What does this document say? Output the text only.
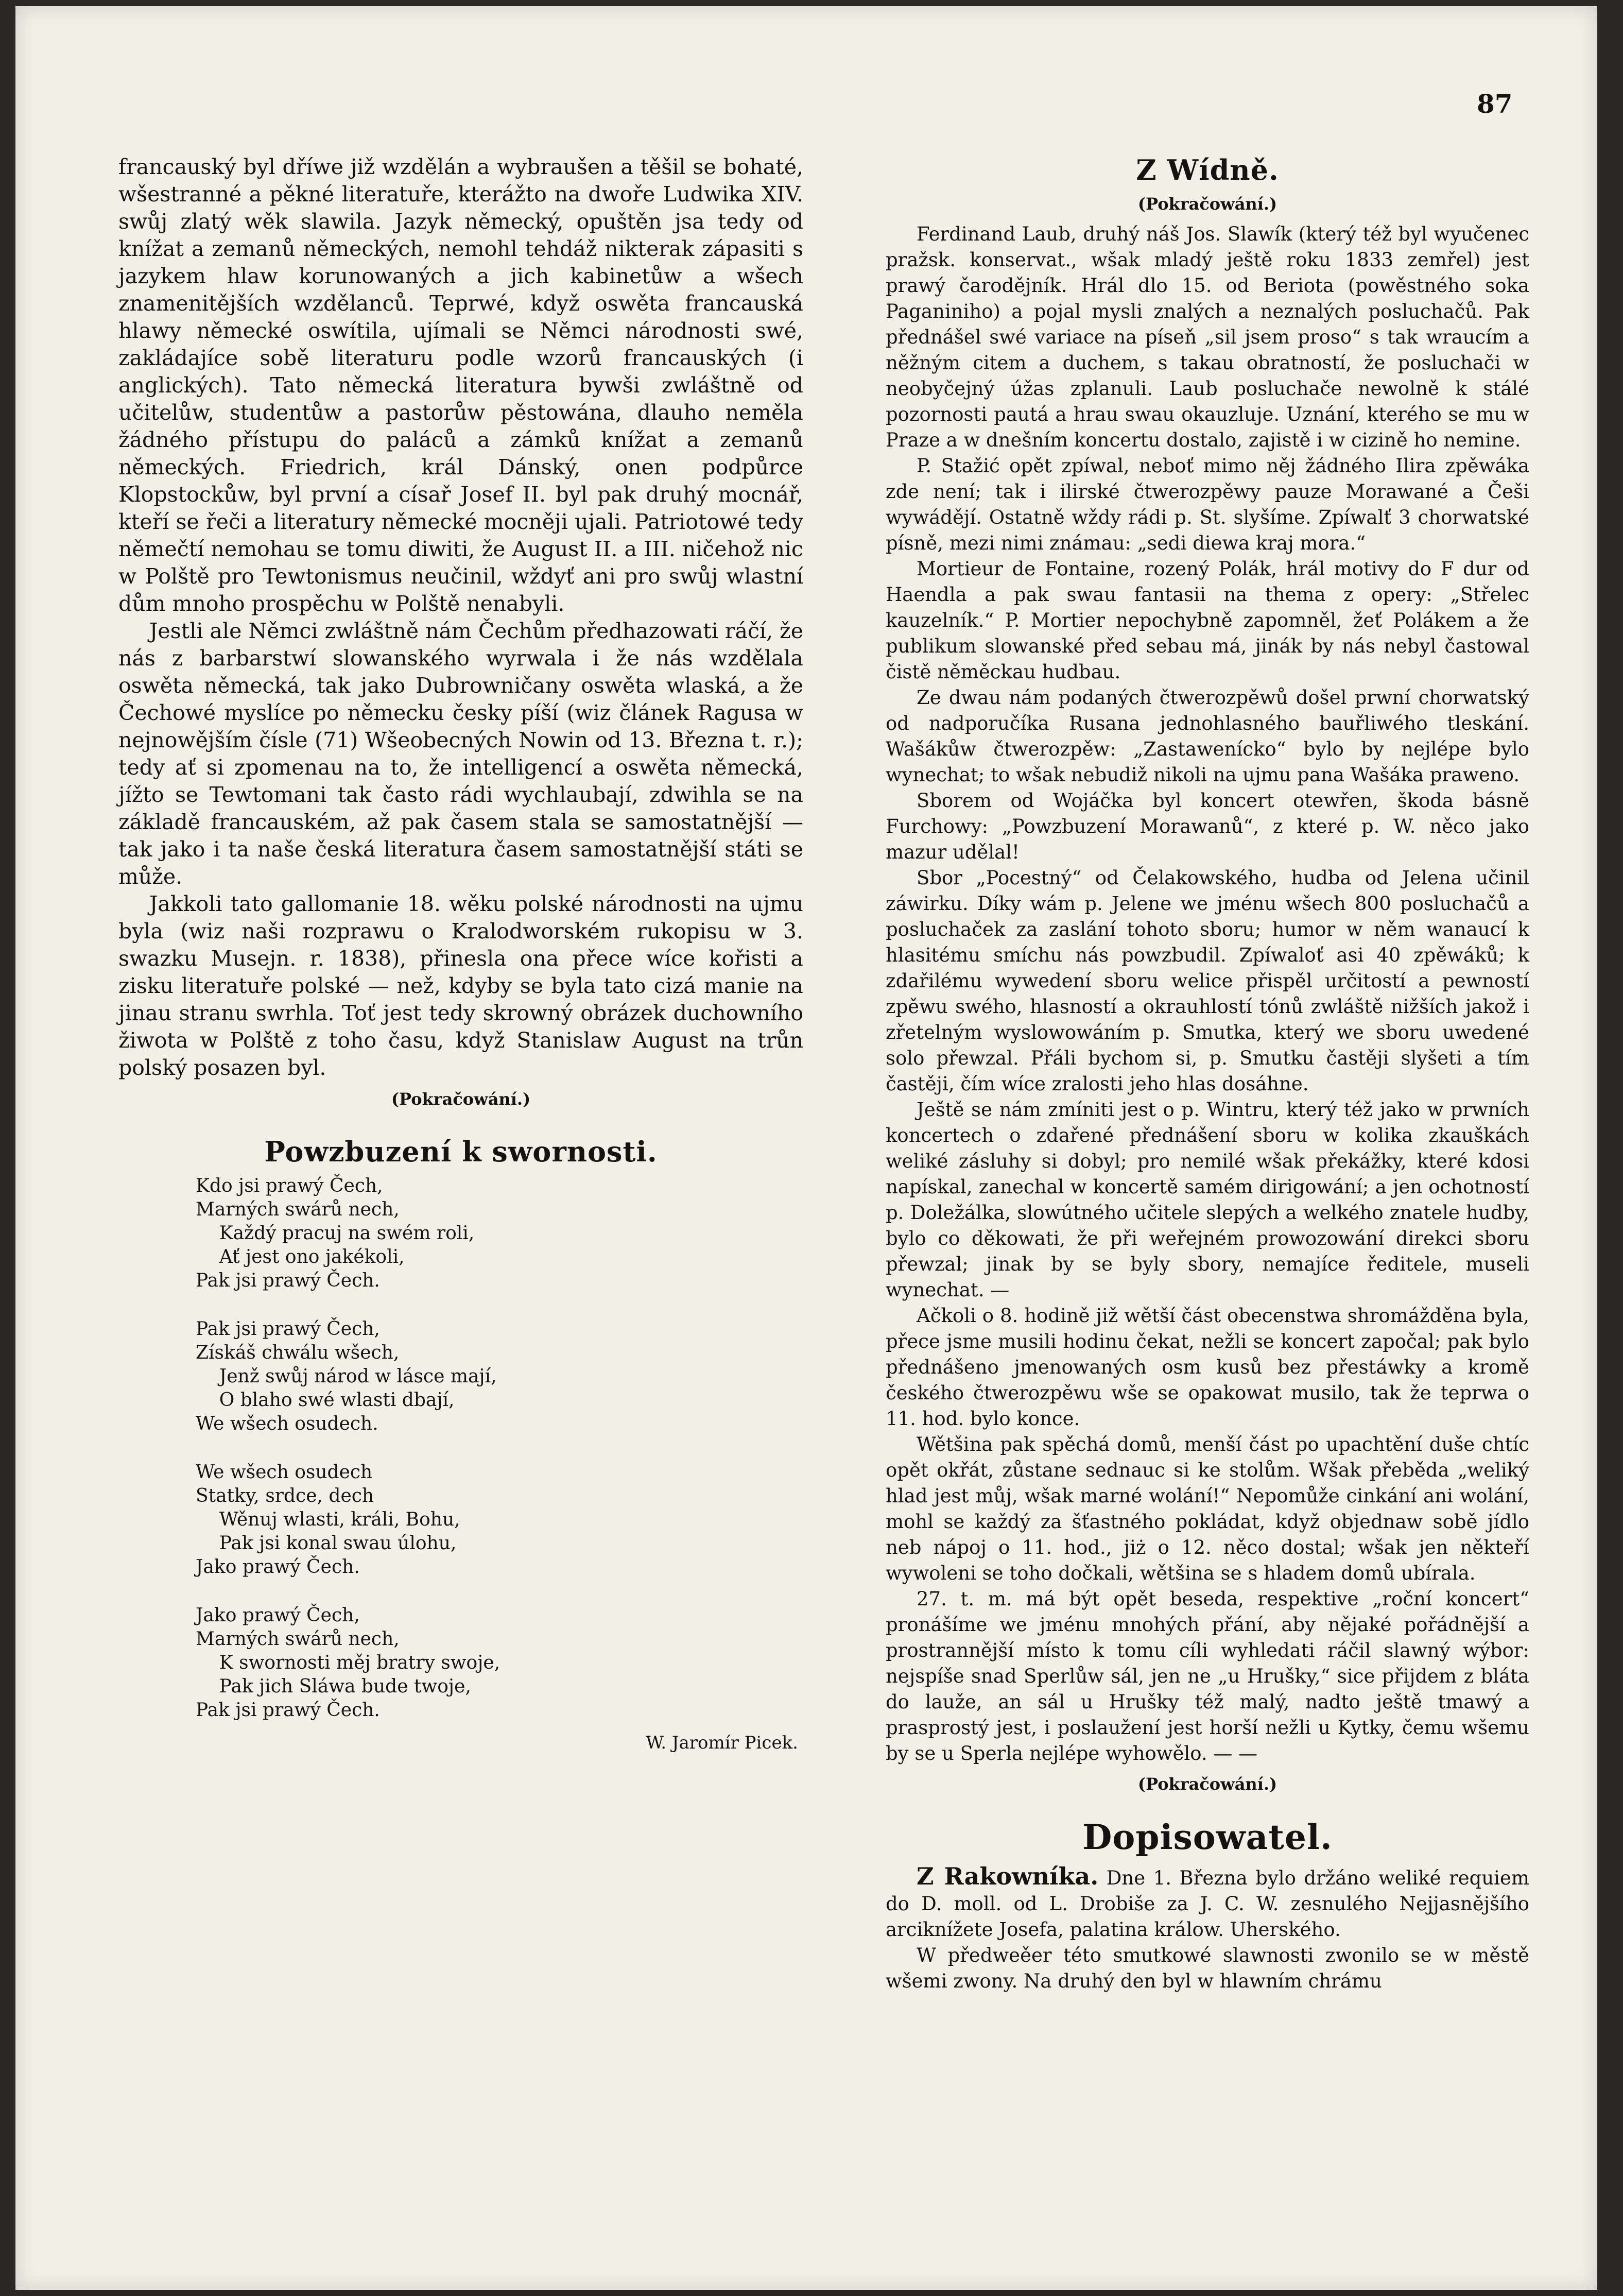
87

francauský byl dříwe již wzdělán a wybraušen a těšil se bohaté, wšestranné a pěkné literatuře, kterážto na dwoře Ludwika XIV. swůj zlatý wěk slawila. Jazyk německý, opuštěn jsa tedy od knížat a zemanů německých, nemohl tehdáž nikterak zápasiti s jazykem hlaw korunowaných a jich kabinetůw a wšech znamenitějších wzdělanců. Teprwé, když oswěta francauská hlawy německé oswítila, ujímali se Němci národnosti swé, zakládajíce sobě literaturu podle wzorů francauských (i anglických). Tato německá literatura bywši zwláštně od učitelůw, studentůw a pastorůw pěstowána, dlauho neměla žádného přístupu do paláců a zámků knížat a zemanů německých. Friedrich, král Dánský, onen podpůrce Klopstockůw, byl první a císař Josef II. byl pak druhý mocnář, kteří se řeči a literatury německé mocněji ujali. Patriotowé tedy němečtí nemohau se tomu diwiti, že August II. a III. ničehož nic w Polště pro Tewtonismus neučinil, wždyť ani pro swůj wlastní dům mnoho prospěchu w Polště nenabyli.

Jestli ale Němci zwláštně nám Čechům předhazowati ráčí, že nás z barbarstwí slowanského wyrwala i že nás wzdělala oswěta německá, tak jako Dubrowničany oswěta wlaská, a že Čechowé myslíce po německu česky píší (wiz článek Ragusa w nejnowějším čísle (71) Wšeobecných Nowin od 13. Března t. r.); tedy ať si zpomenau na to, že intelligencí a oswěta německá, jížto se Tewtomani tak často rádi wychlaubají, zdwihla se na základě francauském, až pak časem stala se samostatnější — tak jako i ta naše česká literatura časem samostatnější státi se může.

Jakkoli tato gallomanie 18. wěku polské národnosti na ujmu byla (wiz naši rozprawu o Kralodworském rukopisu w 3. swazku Musejn. r. 1838), přinesla ona přece wíce kořisti a zisku literatuře polské — než, kdyby se byla tato cizá manie na jinau stranu swrhla. Toť jest tedy skrowný obrázek duchowního žiwota w Polště z toho času, když Stanislaw August na trůn polský posazen byl.

(Pokračowání.)
Powzbuzení k swornosti.
Kdo jsi prawý Čech,
Marných swárů nech,
Každý pracuj na swém roli,
Ať jest ono jakékoli,
Pak jsi prawý Čech.
Pak jsi prawý Čech,
Získáš chwálu wšech,
Jenž swůj národ w lásce mají,
O blaho swé wlasti dbají,
We wšech osudech.
We wšech osudech
Statky, srdce, dech
Wěnuj wlasti, králi, Bohu,
Pak jsi konal swau úlohu,
Jako prawý Čech.
Jako prawý Čech,
Marných swárů nech,
K swornosti měj bratry swoje,
Pak jich Sláwa bude twoje,
Pak jsi prawý Čech.
W. Jaromír Picek.
Z Wídně.
(Pokračowání.)

Ferdinand Laub, druhý náš Jos. Slawík (který též byl wyučenec pražsk. konservat., wšak mladý ještě roku 1833 zemřel) jest prawý čarodějník. Hrál dlo 15. od Beriota (powěstného soka Paganiniho) a pojal mysli znalých a neznalých posluchačů. Pak přednášel swé variace na píseň „sil jsem proso“ s tak wraucím a něžným citem a duchem, s takau obratností, že posluchači w neobyčejný úžas zplanuli. Laub posluchače newolně k stálé pozornosti pautá a hrau swau okauzluje. Uznání, kterého se mu w Praze a w dnešním koncertu dostalo, zajistě i w cizině ho nemine.

P. Stažić opět zpíwal, neboť mimo něj žádného Ilira zpěwáka zde není; tak i ilirské čtwerozpěwy pauze Morawané a Češi wywádějí. Ostatně wždy rádi p. St. slyšíme. Zpíwalť 3 chorwatské písně, mezi nimi známau: „sedi diewa kraj mora.“

Mortieur de Fontaine, rozený Polák, hrál motivy do F dur od Haendla a pak swau fantasii na themа z opery: „Střelec kauzelník.“ P. Mortier nepochybně zapomněl, žeť Polákem a že publikum slowanské před sebau má, jinák by nás nebyl častowal čistě něměckau hudbau.

Ze dwau nám podaných čtwerozpěwů došel prwní chorwatský od nadporučíka Rusana jednohlasného bauřliwého tleskání. Wašákůw čtwerozpěw: „Zastawenícko“ bylo by nejlépe bylo wynechat; to wšak nebudiž nikoli na ujmu pana Wašáka praweno.

Sborem od Wojáčka byl koncert otewřen, škoda básně Furchowy: „Powzbuzení Morawanů“, z které p. W. něco jako mazur udělal!

Sbor „Pocestný“ od Čelakowského, hudba od Jelena učinil záwirku. Díky wám p. Jelene we jménu wšech 800 posluchačů a posluchaček za zaslání tohoto sboru; humor w něm wanaucí k hlasitému smíchu nás powzbudil. Zpíwaloť asi 40 zpěwáků; k zdařilému wywedení sboru welice přispěl určitostí a pewností zpěwu swého, hlasností a okrauhlostí tónů zwláště nižších jakož i zřetelným wyslowowáním p. Smutka, který we sboru uwedené solo přewzal. Přáli bychom si, p. Smutku častěji slyšeti a tím častěji, čím wíce zralosti jeho hlas dosáhne.

Ještě se nám zmíniti jest o p. Wintru, který též jako w prwních koncertech o zdařené přednášení sboru w kolika zkauškách weliké zásluhy si dobyl; pro nemilé wšak překážky, které kdosi napískal, zanechal w koncertě samém dirigowání; a jen ochotností p. Doležálka, slowútného učitele slepých a welkého znatele hudby, bylo co děkowati, že při weřejném prowozowání direkci sboru přewzal; jinak by se byly sbory, nemajíce ředitele, museli wynechat. —

Ačkoli o 8. hodině již wětší část obecenstwa shromážděna byla, přece jsme musili hodinu čekat, nežli se koncert započal; pak bylo přednášeno jmenowaných osm kusů bez přestáwky a kromě českého čtwerozpěwu wše se opakowat musilo, tak že teprwa o 11. hod. bylo konce.

Wětšina pak spěchá domů, menší část po upachtění duše chtíc opět okřát, zůstane sednauc si ke stolům. Wšak přeběda „weliký hlad jest můj, wšak marné wolání!“ Nepomůže cinkání ani wolání, mohl se každý za šťastného pokládat, když objednaw sobě jídlo neb nápoj o 11. hod., jiż o 12. něco dostal; wšak jen někteří wywoleni se toho dočkali, wětšina se s hladem domů ubírala.

27. t. m. má být opět beseda, respektive „roční koncert“ pronášíme we jménu mnohých přání, aby nějaké pořádnější a prostrannější místo k tomu cíli wyhledati ráčil slawný wýbor: nejspíše snad Sperlůw sál, jen ne „u Hrušky,“ sice přijdem z bláta do lauže, an sál u Hrušky též malý, nadto ještě tmawý a prasprostý jest, i poslaužení jest horší nežli u Kytky, čemu wšemu by se u Sperla nejlépe wyhowělo. — —

(Pokračowání.)
Dopisowatel.

Z Rakowníka. Dne 1. Března bylo držáno weliké requiem do D. moll. od L. Drobiše za J. C. W. zesnulého Nejjasnějšího arciknížete Josefa, palatina králow. Uherského.

W předweěer této smutkowé slawnosti zwonilo se w městě wšemi zwony. Na druhý den byl w hlawním chrámu
